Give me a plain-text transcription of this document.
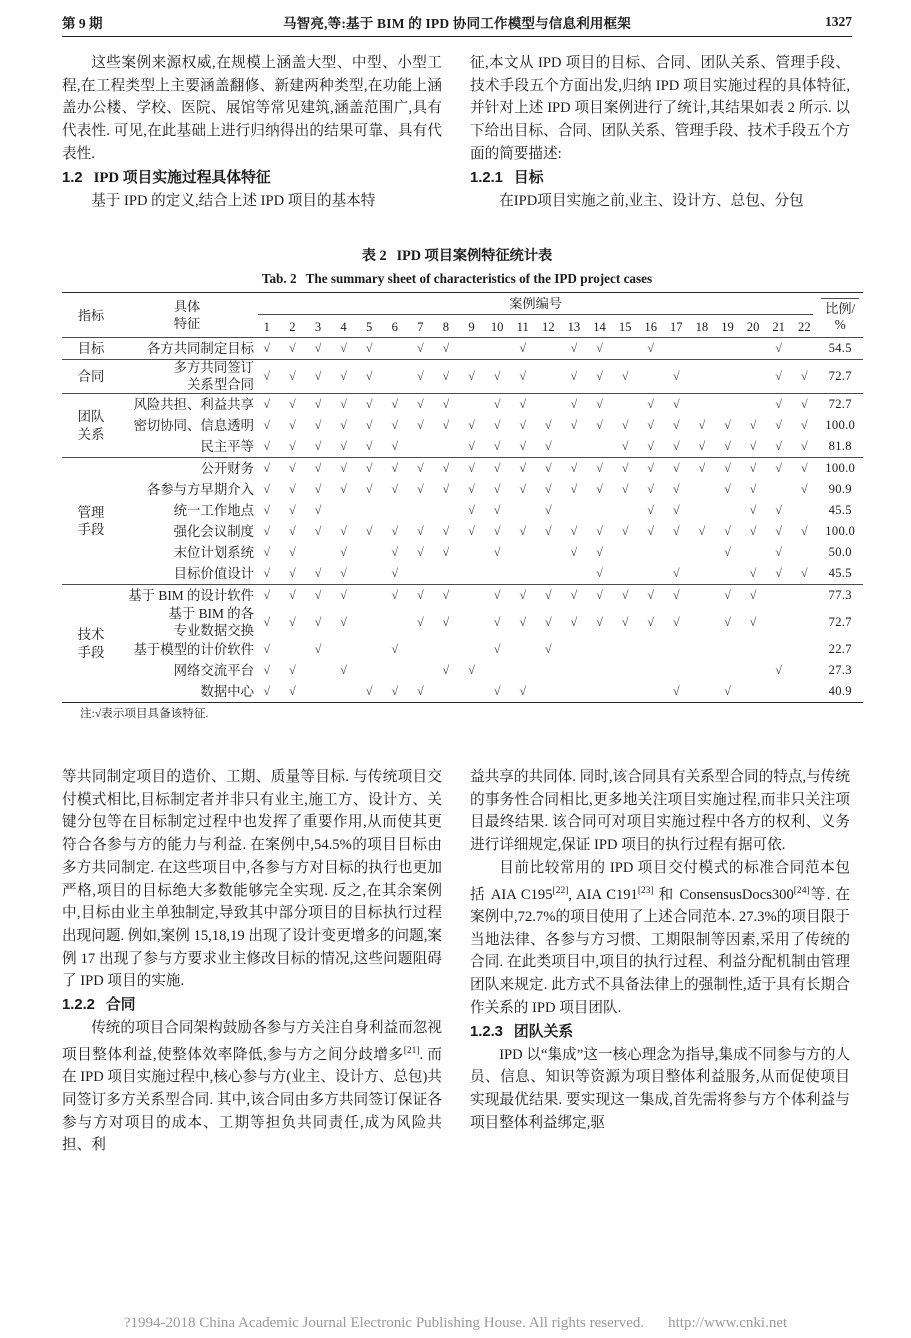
第 9 期	马智亮,等:基于 BIM 的 IPD 协同工作模型与信息利用框架	1327

这些案例来源权威,在规模上涵盖大型、中型、小型工程,在工程类型上主要涵盖翻修、新建两种类型,在功能上涵盖办公楼、学校、医院、展馆等常见建筑,涵盖范围广,具有代表性. 可见,在此基础上进行归纳得出的结果可靠、具有代表性.

1.2 IPD 项目实施过程具体特征

基于 IPD 的定义,结合上述 IPD 项目的基本特

征,本文从 IPD 项目的目标、合同、团队关系、管理手段、技术手段五个方面出发,归纳 IPD 项目实施过程的具体特征,并针对上述 IPD 项目案例进行了统计,其结果如表 2 所示. 以下给出目标、合同、团队关系、管理手段、技术手段五个方面的简要描述:

1.2.1 目标

在IPD项目实施之前,业主、设计方、总包、分包

表 2 IPD 项目案例特征统计表
Tab. 2 The summary sheet of characteristics of the IPD project cases
指标	具体
特征	案例编号																						比例/
%
		1	2	3	4	5	6	7	8	9	10	11	12	13	14	15	16	17	18	19	20	21	22	
目标	各方共同制定目标	√	√	√	√	√		√	√			√		√	√		√					√		54.5
合同	多方共同签订
关系型合同	√	√	√	√	√		√	√	√	√	√		√	√	√		√				√	√	72.7
团队
关系	风险共担、利益共享	√	√	√	√	√	√	√	√		√	√		√	√		√	√				√	√	72.7
	密切协同、信息透明	√	√	√	√	√	√	√	√	√	√	√	√	√	√	√	√	√	√	√	√	√	√	100.0
	民主平等	√	√	√	√	√	√			√	√	√	√			√	√	√	√	√	√	√	√	81.8
管理
手段	公开财务	√	√	√	√	√	√	√	√	√	√	√	√	√	√	√	√	√	√	√	√	√	√	100.0
	各参与方早期介入	√	√	√	√	√	√	√	√	√	√	√	√	√	√	√	√	√		√	√		√	90.9
	统一工作地点	√	√	√						√	√		√				√	√			√	√		45.5
	强化会议制度	√	√	√	√	√	√	√	√	√	√	√	√	√	√	√	√	√	√	√	√	√	√	100.0
	末位计划系统	√	√		√		√	√	√		√			√	√					√		√		50.0
	目标价值设计	√	√	√	√		√								√			√			√	√	√	45.5
技术
手段	基于 BIM 的设计软件	√	√	√	√		√	√	√		√	√	√	√	√	√	√	√		√	√			77.3
	基于 BIM 的各
专业数据交换	√	√	√	√			√	√		√	√	√	√	√	√	√	√		√	√			72.7
	基于模型的计价软件	√		√			√				√		√											22.7
	网络交流平台	√	√		√				√	√												√		27.3
	数据中心	√	√			√	√	√			√	√						√		√				40.9

注:√表示项目具备该特征.

等共同制定项目的造价、工期、质量等目标. 与传统项目交付模式相比,目标制定者并非只有业主,施工方、设计方、关键分包等在目标制定过程中也发挥了重要作用,从而使其更符合各参与方的能力与利益. 在案例中,54.5%的项目目标由多方共同制定. 在这些项目中,各参与方对目标的执行也更加严格,项目的目标绝大多数能够完全实现. 反之,在其余案例中,目标由业主单独制定,导致其中部分项目的目标执行过程出现问题. 例如,案例 15,18,19 出现了设计变更增多的问题,案例 17 出现了参与方要求业主修改目标的情况,这些问题阻碍了 IPD 项目的实施.

1.2.2 合同

传统的项目合同架构鼓励各参与方关注自身利益而忽视项目整体利益,使整体效率降低,参与方之间分歧增多[21]. 而在 IPD 项目实施过程中,核心参与方(业主、设计方、总包)共同签订多方关系型合同. 其中,该合同由多方共同签订保证各参与方对项目的成本、工期等担负共同责任,成为风险共担、利

益共享的共同体. 同时,该合同具有关系型合同的特点,与传统的事务性合同相比,更多地关注项目实施过程,而非只关注项目最终结果. 该合同可对项目实施过程中各方的权利、义务进行详细规定,保证 IPD 项目的执行过程有据可依.

目前比较常用的 IPD 项目交付模式的标准合同范本包括 AIA C195[22], AIA C191[23] 和 ConsensusDocs300[24]等. 在案例中,72.7%的项目使用了上述合同范本. 27.3%的项目限于当地法律、各参与方习惯、工期限制等因素,采用了传统的合同. 在此类项目中,项目的执行过程、利益分配机制由管理团队来规定. 此方式不具备法律上的强制性,适于具有长期合作关系的 IPD 项目团队.

1.2.3 团队关系

IPD 以“集成”这一核心理念为指导,集成不同参与方的人员、信息、知识等资源为项目整体利益服务,从而促使项目实现最优结果. 要实现这一集成,首先需将参与方个体利益与项目整体利益绑定,驱

?1994-2018 China Academic Journal Electronic Publishing House. All rights reserved. http://www.cnki.net
